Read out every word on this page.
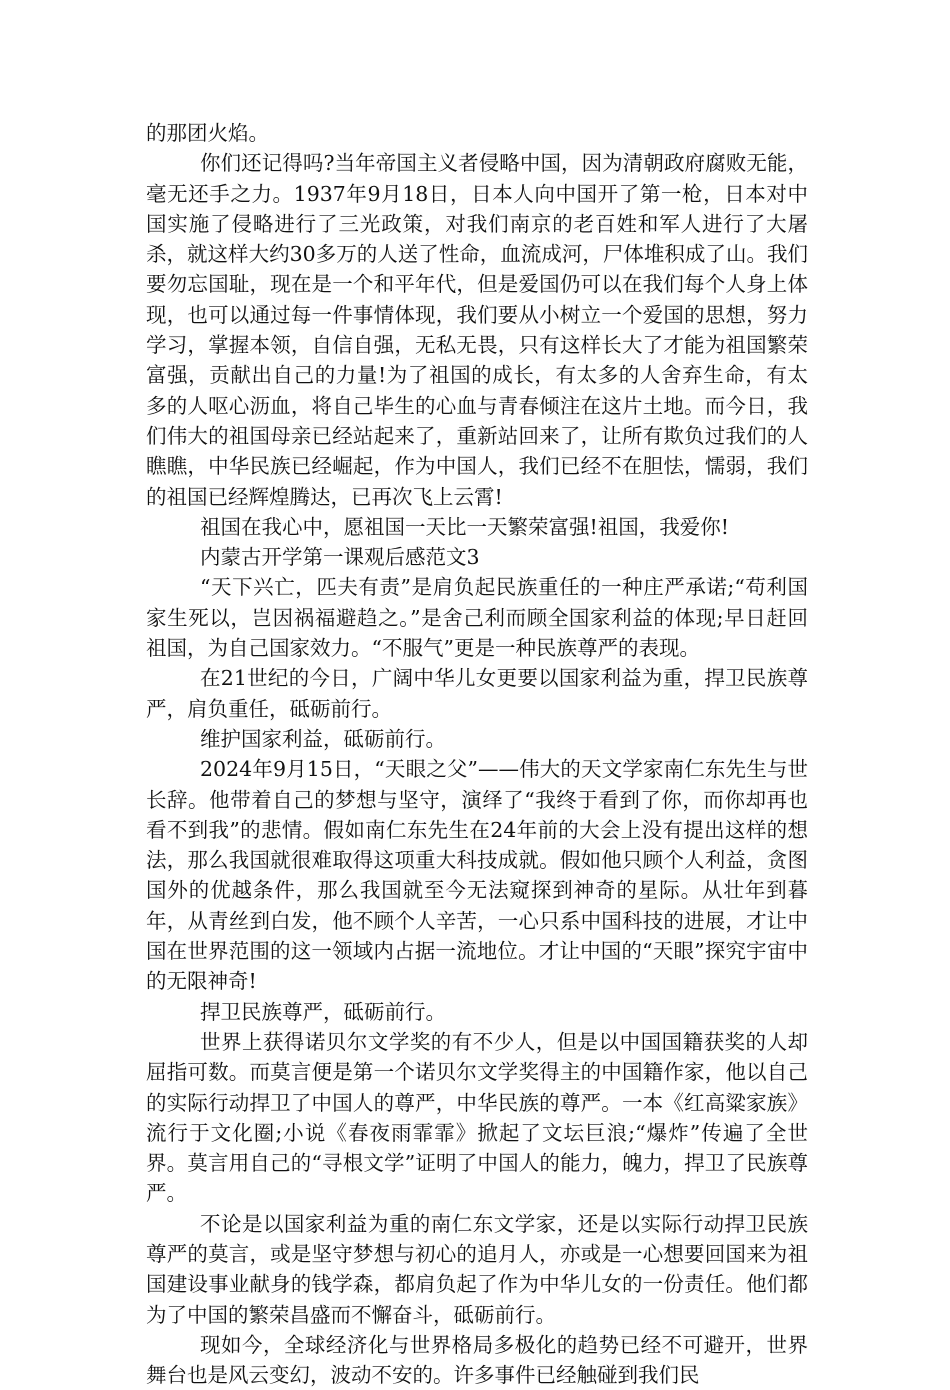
的那团火焰。

你们还记得吗?当年帝国主义者侵略中国，因为清朝政府腐败无能，毫无还手之力。1937年9月18日，日本人向中国开了第一枪，日本对中国实施了侵略进行了三光政策，对我们南京的老百姓和军人进行了大屠杀，就这样大约30多万的人送了性命，血流成河，尸体堆积成了山。我们要勿忘国耻，现在是一个和平年代，但是爱国仍可以在我们每个人身上体现，也可以通过每一件事情体现，我们要从小树立一个爱国的思想，努力学习，掌握本领，自信自强，无私无畏，只有这样长大了才能为祖国繁荣富强，贡献出自己的力量!为了祖国的成长，有太多的人舍弃生命，有太多的人呕心沥血，将自己毕生的心血与青春倾注在这片土地。而今日，我们伟大的祖国母亲已经站起来了，重新站回来了，让所有欺负过我们的人瞧瞧，中华民族已经崛起，作为中国人，我们已经不在胆怯，懦弱，我们的祖国已经辉煌腾达，已再次飞上云霄!

祖国在我心中，愿祖国一天比一天繁荣富强!祖国，我爱你!

内蒙古开学第一课观后感范文3

“天下兴亡，匹夫有责”是肩负起民族重任的一种庄严承诺;“苟利国家生死以，岂因祸福避趋之。”是舍己利而顾全国家利益的体现;早日赶回祖国，为自己国家效力。“不服气”更是一种民族尊严的表现。

在21世纪的今日，广阔中华儿女更要以国家利益为重，捍卫民族尊严，肩负重任，砥砺前行。

维护国家利益，砥砺前行。

2024年9月15日，“天眼之父”——伟大的天文学家南仁东先生与世长辞。他带着自己的梦想与坚守，演绎了“我终于看到了你，而你却再也看不到我”的悲情。假如南仁东先生在24年前的大会上没有提出这样的想法，那么我国就很难取得这项重大科技成就。假如他只顾个人利益，贪图国外的优越条件，那么我国就至今无法窥探到神奇的星际。从壮年到暮年，从青丝到白发，他不顾个人辛苦，一心只系中国科技的进展，才让中国在世界范围的这一领域内占据一流地位。才让中国的“天眼”探究宇宙中的无限神奇!

捍卫民族尊严，砥砺前行。

世界上获得诺贝尔文学奖的有不少人，但是以中国国籍获奖的人却屈指可数。而莫言便是第一个诺贝尔文学奖得主的中国籍作家，他以自己的实际行动捍卫了中国人的尊严，中华民族的尊严。一本《红高粱家族》流行于文化圈;小说《春夜雨霏霏》掀起了文坛巨浪;“爆炸”传遍了全世界。莫言用自己的“寻根文学”证明了中国人的能力，魄力，捍卫了民族尊严。

不论是以国家利益为重的南仁东文学家，还是以实际行动捍卫民族尊严的莫言，或是坚守梦想与初心的追月人，亦或是一心想要回国来为祖国建设事业献身的钱学森，都肩负起了作为中华儿女的一份责任。他们都为了中国的繁荣昌盛而不懈奋斗，砥砺前行。

现如今，全球经济化与世界格局多极化的趋势已经不可避开，世界舞台也是风云变幻，波动不安的。许多事件已经触碰到我们民
